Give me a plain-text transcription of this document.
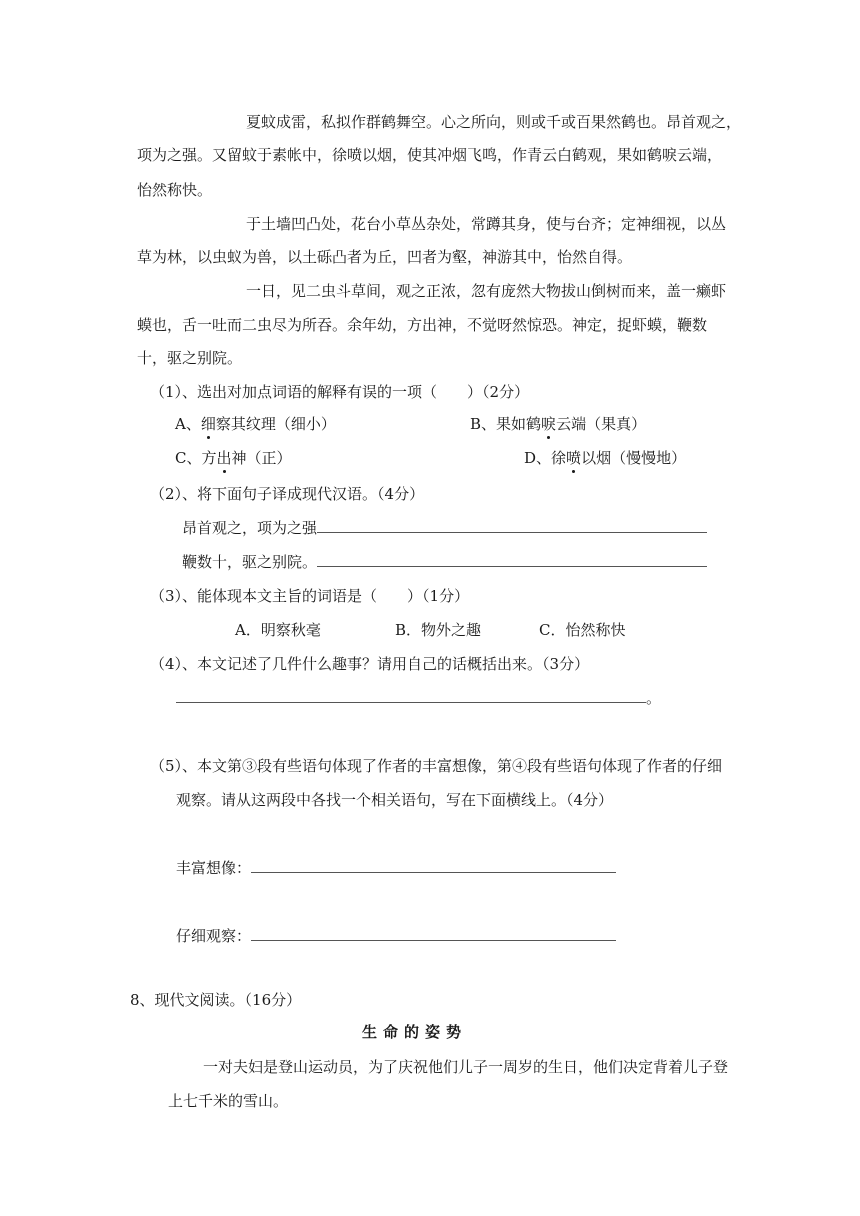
夏蚊成雷，私拟作群鹤舞空。心之所向，则或千或百果然鹤也。昂首观之，
项为之强。又留蚊于素帐中，徐喷以烟，使其冲烟飞鸣，作青云白鹤观，果如鹤唳云端，
怡然称快。
于土墙凹凸处，花台小草丛杂处，常蹲其身，使与台齐；定神细视，以丛
草为林，以虫蚁为兽，以土砾凸者为丘，凹者为壑，神游其中，怡然自得。
一日，见二虫斗草间，观之正浓，忽有庞然大物拔山倒树而来，盖一癞虾
蟆也，舌一吐而二虫尽为所吞。余年幼，方出神，不觉呀然惊恐。神定，捉虾蟆，鞭数
十，驱之别院。
（1）、选出对加点词语的解释有误的一项（　　）（2分）
A、细察其纹理（细小）	B、果如鹤唳云端（果真）
C、方出神（正）	D、徐喷以烟（慢慢地）
（2）、将下面句子译成现代汉语。（4分）
昂首观之，项为之强
鞭数十，驱之别院。
（3）、能体现本文主旨的词语是（　　）（1分）
A．明察秋毫	B．物外之趣	C．怡然称快
（4）、本文记述了几件什么趣事？请用自己的话概括出来。（3分）
。
（5）、本文第③段有些语句体现了作者的丰富想像，第④段有些语句体现了作者的仔细
观察。请从这两段中各找一个相关语句，写在下面横线上。（4分）
丰富想像：
仔细观察：
8、现代文阅读。（16分）
生命的姿势
一对夫妇是登山运动员，为了庆祝他们儿子一周岁的生日，他们决定背着儿子登
上七千米的雪山。
